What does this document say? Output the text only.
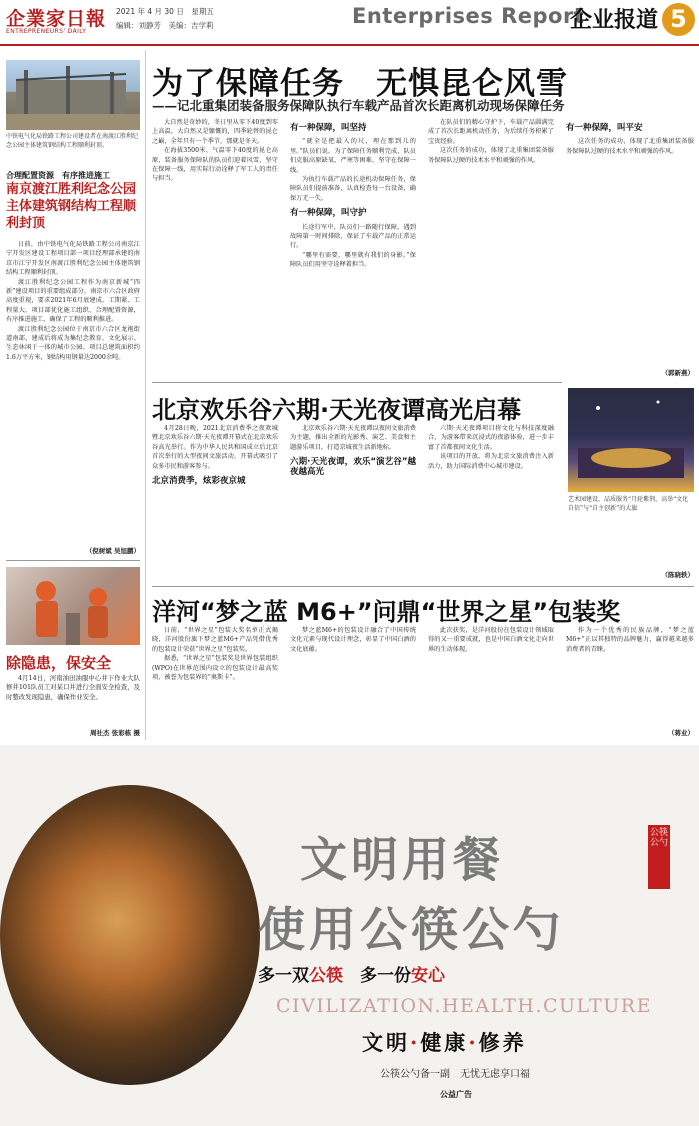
企業家日報
ENTREPRENEURS' DAILY
2021 年 4 月 30 日　星期五
编辑：刘静芳　美编：吉学莉	Enterprises Report
企业报道 5
中铁电气化局铁路工程公司建设者在南渡江胜利纪念公园主体建筑钢结构工程顺利封顶。
合理配置资源　有序推进施工
南京渡江胜利纪念公园主体建筑钢结构工程顺利封顶

日前，由中铁电气化局铁路工程公司南京江宁开发区建设工程项目部一项目经理部承建的南京市江宁开发区南渡江胜利纪念公园主体建筑钢结构工程顺利封顶。

渡江胜利纪念公园工程作为南京新城“四新”建设项目的重要组成部分，南京市六合区政府高度重视，要求2021年6月底建成。工期紧、工程量大。项目部优化施工组织，合理配置资源，有序推进施工，确保了工程的顺利推进。

渡江胜利纪念公园位于南京市六合区龙袍街道南部，建成后将成为集纪念教育、文化展示、生态休闲于一体的城市公园。项目总建筑面积约1.6万平方米，钢结构用钢量达2000余吨。

（倪树斌 吴旭鹏）
除隐患，保安全

4月14日，河南油田油服中心井下作业大队修井101队员工对某口井进行全面安全检查，及时整改发现隐患，确保作业安全。

周社杰 张彩栋 摄
为了保障任务　无惧昆仑风雪
——记北重集团装备服务保障队执行车载产品首次长距离机动现场保障任务

大自然是奇妙的，冬日里从零下40度到零上高温，大自然又是慷慨的，四季轮替的昆仑之巅，全年只有一个季节，那就是冬天。

在海拔3500米、气温零下40度的昆仑高原，装备服务保障队的队员们迎着风雪，坚守在保障一线，用实际行动诠释了军工人的责任与担当。

有一种保障，叫坚持

“就全是把最入的尺，埋在那到儿的里。”队员们说。为了保障任务顺利完成，队员们克服高原缺氧、严寒等困难，坚守在保障一线。

为执行车载产品的长途机动保障任务，保障队员们提前准备，认真检查每一台设备，确保万无一失。

有一种保障，叫守护

长途行军中，队员们一路随行保障，遇到故障第一时间排除，保证了车载产品的正常运行。

“哪里有需要，哪里就有我们的身影。”保障队员们用坚守诠释着担当。

在队员们的精心守护下，车载产品圆满完成了首次长距离机动任务，为后续任务积累了宝贵经验。

这次任务的成功，体现了北重集团装备服务保障队过硬的技术水平和顽强的作风。

有一种保障，叫平安

这次任务的成功，体现了北重集团装备服务保障队过硬的技术水平和顽强的作风。

（郭新燕）
北京欢乐谷六期·天光夜谭高光启幕

4月28日晚，2021北京消费季之夜欢城暨北京欢乐谷六期·天光夜谭开幕式在北京欢乐谷高光举行。作为中华人民共和国成立后北京首次举行的大型夜间文旅活动，开幕式吸引了众多市民和游客参与。

北京消费季，炫彩夜京城

北京欢乐谷六期·天光夜谭以夜间文旅消费为主题，推出全新的光影秀、演艺、美食和主题游乐项目，打造京城夜生活新地标。

六期·天光夜谭，欢乐“演艺谷”越夜越高光

六期·天光夜谭项目将文化与科技深度融合，为游客带来沉浸式的夜游体验，进一步丰富了首都夜间文化生活。

该项目的开放，将为北京文旅消费注入新活力，助力国际消费中心城市建设。

艺术园建设，品质服务“月轮紫荆，高举“文化自信”与“自主创新”的大旗
（陈晓轶）
洋河“梦之蓝 M6+”问鼎“世界之星”包装奖

日前，“世界之星”包装大奖名单正式揭晓，洋河股份旗下梦之蓝M6+产品凭借优秀的包装设计荣获“世界之星”包装奖。

据悉，“世界之星”包装奖是世界包装组织(WPO)在世界范围内设立的包装设计最高奖项，被誉为包装界的“奥斯卡”。

梦之蓝M6+的包装设计融合了中国传统文化元素与现代设计理念，彰显了中国白酒的文化底蕴。

此次获奖，是洋河股份在包装设计领域取得的又一重要成就，也是中国白酒文化走向世界的生动体现。

作为一个优秀的民族品牌，“梦之蓝M6+”正以其独特的品牌魅力，赢得越来越多消费者的青睐。

（蒋业）
公筷公勺
文明用餐
使用公筷公勺
多一双公筷　多一份安心
CIVILIZATION.HEALTH.CULTURE
文明·健康·修养
公筷公勺备一副　无忧无虑享口福
公益广告
